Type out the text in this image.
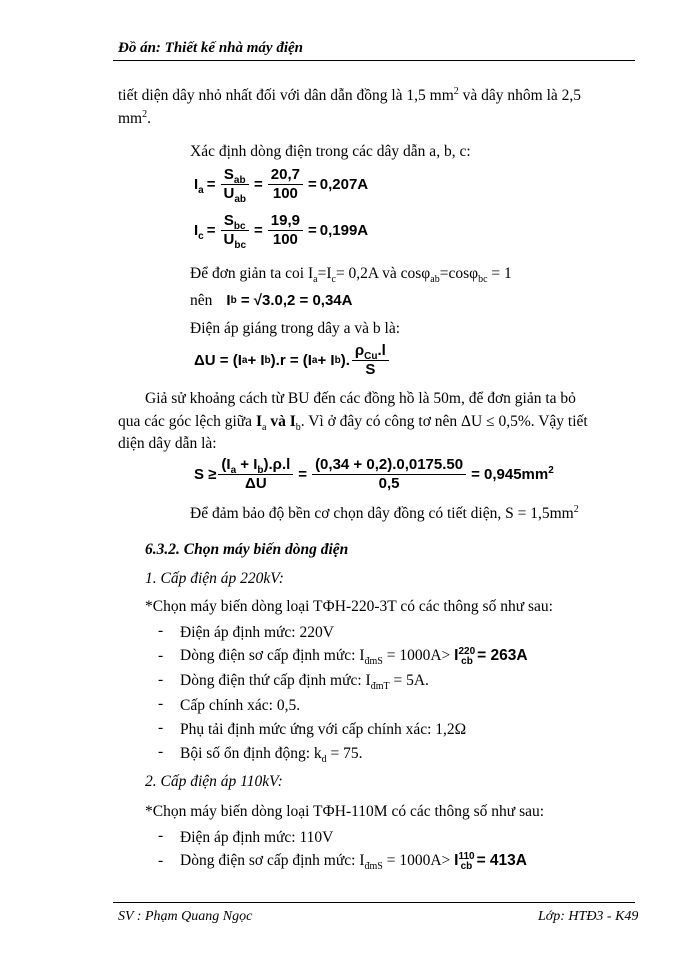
Đồ án: Thiết kế nhà máy điện
tiết diện dây nhỏ nhất đối với dân dẫn đồng là 1,5 $mm^2$ và dây nhôm là 2,5
$mm^2$.
Xác định dòng điện trong các dây dẫn a, b, c:
$I_a = \frac{S_{ab}}{U_{ab}} = \frac{20,7}{100} = 0,207A$
$I_c = \frac{S_{bc}}{U_{bc}} = \frac{19,9}{100} = 0,199A$
Để đơn giản ta coi $I_a=I_c= 0,2A$ và cosφ$_{ab}$=cosφ$_{bc}$ = 1
nên I b
= √3.0,2 = 0,34A
Điện áp giáng trong dây a và b là:
ΔU = (I a + I b ).r = (I a + I b ). $\frac{\rho_{Cu}.l}{S}$
Giả sử khoảng cách từ BU đến các đồng hồ là 50m, để đơn giản ta bỏ
qua các góc lệch giữa $I_a$ và $I_b$. Vì ở đây có công tơ nên ΔU ≤ 0,5%. Vậy tiết
diện dây dẫn là:
$S \ge \frac{(I_a + I_b).\rho.l}{\Delta U} = \frac{(0,34 + 0,2).0,0175.50}{0,5} = 0,945mm^2$
Để đảm bảo độ bền cơ chọn dây đồng có tiết diện, $S = 1,5mm^2$
6.3.2. Chọn máy biến dòng điện
1. Cấp điện áp 220kV:
*Chọn máy biến dòng loại TФH-220-3T có các thông số như sau:
- Điện áp định mức: 220V
- Dòng điện sơ cấp định mức: $I_{đmS} = 1000A> I^{220}_{cb} = 263A$
- Dòng điện thứ cấp định mức: $I_{đmT} = 5A$.
- Cấp chính xác: 0,5.
- Phụ tải định mức ứng với cấp chính xác: 1,2Ω
- Bội số ổn định động: $k_d = 75$.
2. Cấp điện áp 110kV:
*Chọn máy biến dòng loại TФH-110M có các thông số như sau:
- Điện áp định mức: 110V
- Dòng điện sơ cấp định mức: $I_{đmS} = 1000A> I^{110}_{cb} = 413A$
SV : Phạm Quang Ngọc	Lớp: HTĐ3 - K49
